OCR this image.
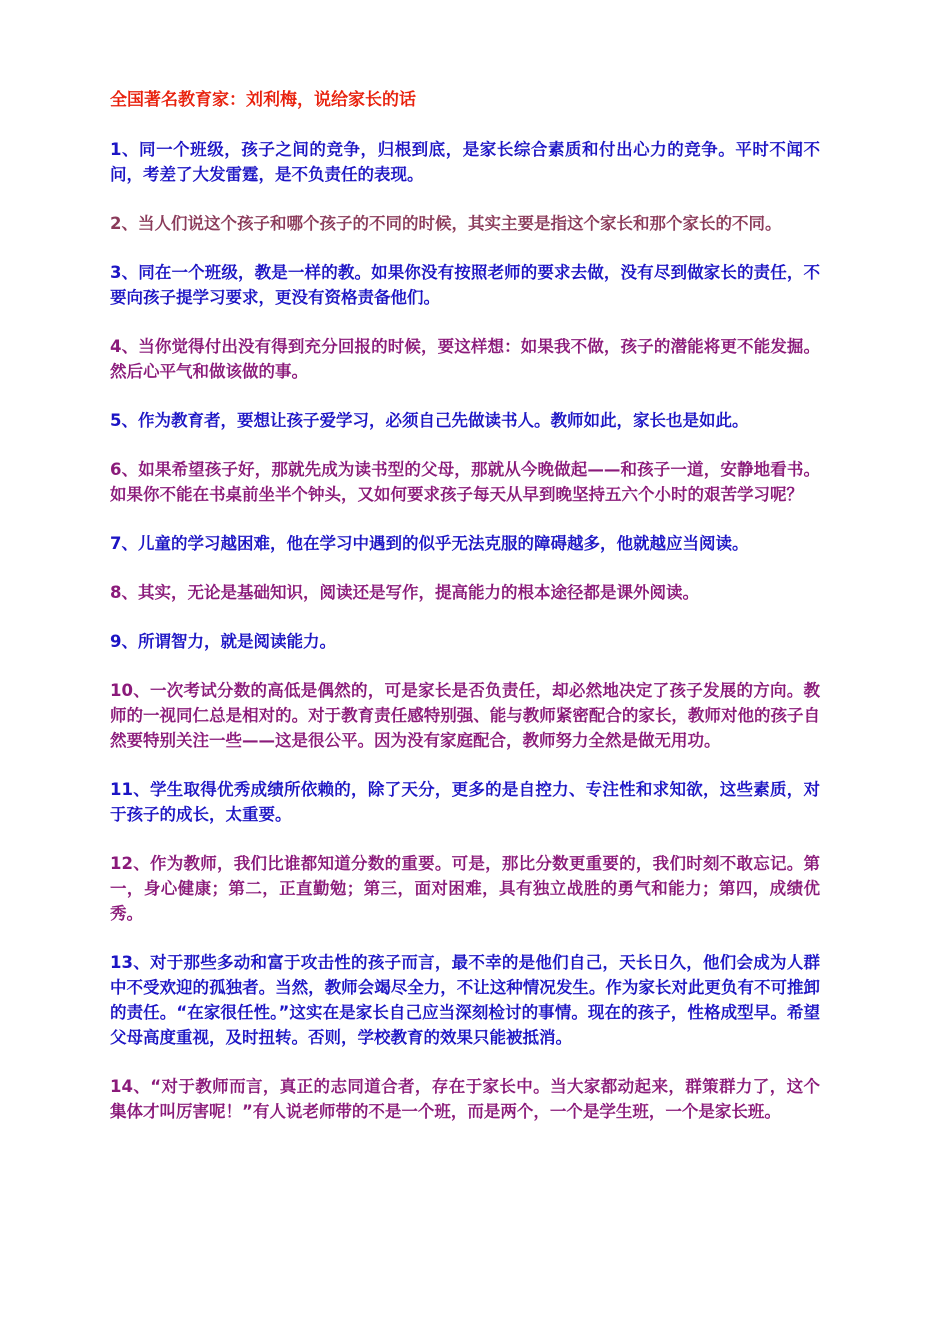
全国著名教育家：刘利梅，说给家长的话

1、同一个班级，孩子之间的竞争，归根到底，是家长综合素质和付出心力的竞争。平时不闻不问，考差了大发雷霆，是不负责任的表现。

2、当人们说这个孩子和哪个孩子的不同的时候，其实主要是指这个家长和那个家长的不同。

3、同在一个班级，教是一样的教。如果你没有按照老师的要求去做，没有尽到做家长的责任，不要向孩子提学习要求，更没有资格责备他们。

4、当你觉得付出没有得到充分回报的时候，要这样想：如果我不做，孩子的潜能将更不能发掘。然后心平气和做该做的事。

5、作为教育者，要想让孩子爱学习，必须自己先做读书人。教师如此，家长也是如此。

6、如果希望孩子好，那就先成为读书型的父母，那就从今晚做起——和孩子一道，安静地看书。如果你不能在书桌前坐半个钟头，又如何要求孩子每天从早到晚坚持五六个小时的艰苦学习呢？

7、儿童的学习越困难，他在学习中遇到的似乎无法克服的障碍越多，他就越应当阅读。

8、其实，无论是基础知识，阅读还是写作，提高能力的根本途径都是课外阅读。

9、所谓智力，就是阅读能力。

10、一次考试分数的高低是偶然的，可是家长是否负责任，却必然地决定了孩子发展的方向。教师的一视同仁总是相对的。对于教育责任感特别强、能与教师紧密配合的家长，教师对他的孩子自然要特别关注一些——这是很公平。因为没有家庭配合，教师努力全然是做无用功。

11、学生取得优秀成绩所依赖的，除了天分，更多的是自控力、专注性和求知欲，这些素质，对于孩子的成长，太重要。

12、作为教师，我们比谁都知道分数的重要。可是，那比分数更重要的，我们时刻不敢忘记。第一，身心健康；第二，正直勤勉；第三，面对困难，具有独立战胜的勇气和能力；第四，成绩优秀。

13、对于那些多动和富于攻击性的孩子而言，最不幸的是他们自己，天长日久，他们会成为人群中不受欢迎的孤独者。当然，教师会竭尽全力，不让这种情况发生。作为家长对此更负有不可推卸的责任。“在家很任性。”这实在是家长自己应当深刻检讨的事情。现在的孩子，性格成型早。希望父母高度重视，及时扭转。否则，学校教育的效果只能被抵消。

14、“对于教师而言，真正的志同道合者，存在于家长中。当大家都动起来，群策群力了，这个集体才叫厉害呢！”有人说老师带的不是一个班，而是两个，一个是学生班，一个是家长班。
